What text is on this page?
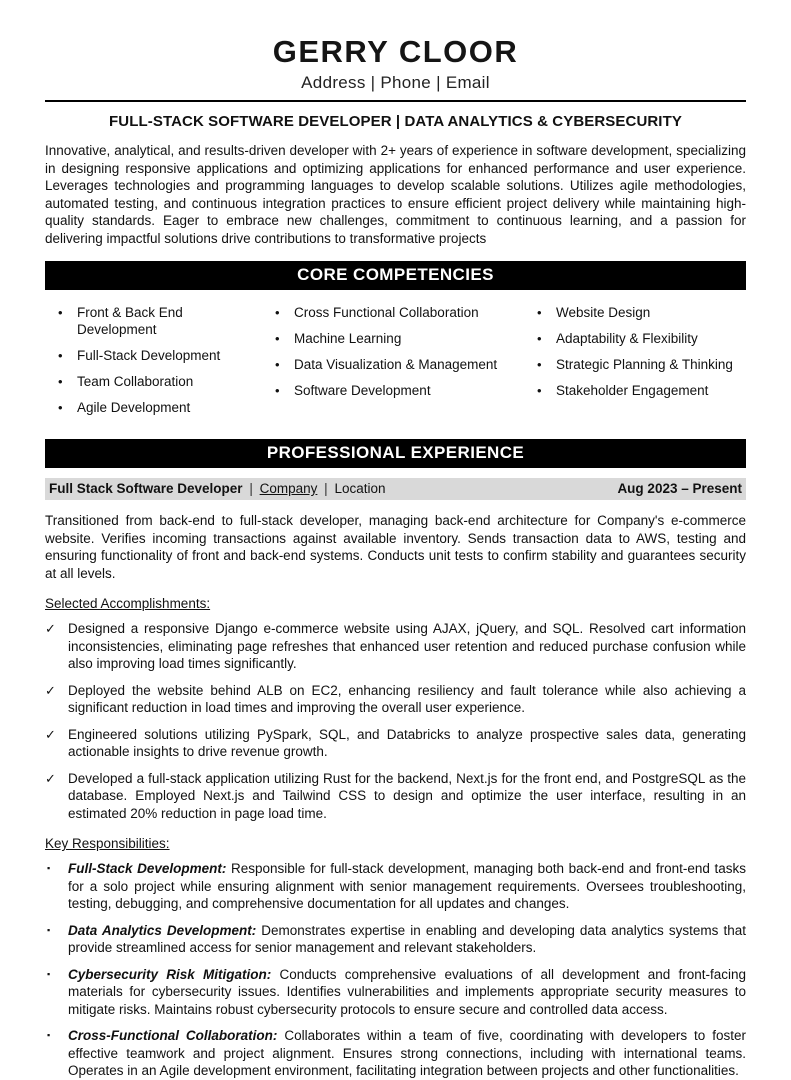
GERRY CLOOR
Address | Phone | Email
FULL-STACK SOFTWARE DEVELOPER | DATA ANALYTICS & CYBERSECURITY

Innovative, analytical, and results-driven developer with 2+ years of experience in software development, specializing in designing responsive applications and optimizing applications for enhanced performance and user experience. Leverages technologies and programming languages to develop scalable solutions. Utilizes agile methodologies, automated testing, and continuous integration practices to ensure efficient project delivery while maintaining high-quality standards. Eager to embrace new challenges, commitment to continuous learning, and a passion for delivering impactful solutions drive contributions to transformative projects

CORE COMPETENCIES
•	Front & Back End Development
•	Full-Stack Development
•	Team Collaboration
•	Agile Development
•	Cross Functional Collaboration
•	Machine Learning
•	Data Visualization & Management
•	Software Development
•	Website Design
•	Adaptability & Flexibility
•	Strategic Planning & Thinking
•	Stakeholder Engagement
PROFESSIONAL EXPERIENCE
Full Stack Software Developer | Company | Location	Aug 2023 – Present

Transitioned from back-end to full-stack developer, managing back-end architecture for Company's e-commerce website. Verifies incoming transactions against available inventory. Sends transaction data to AWS, testing and ensuring functionality of front and back-end systems. Conducts unit tests to confirm stability and guarantees security at all levels.

Selected Accomplishments:
✓ Designed a responsive Django e-commerce website using AJAX, jQuery, and SQL. Resolved cart information inconsistencies, eliminating page refreshes that enhanced user retention and reduced purchase confusion while also improving load times significantly.
✓ Deployed the website behind ALB on EC2, enhancing resiliency and fault tolerance while also achieving a significant reduction in load times and improving the overall user experience.
✓ Engineered solutions utilizing PySpark, SQL, and Databricks to analyze prospective sales data, generating actionable insights to drive revenue growth.
✓ Developed a full-stack application utilizing Rust for the backend, Next.js for the front end, and PostgreSQL as the database. Employed Next.js and Tailwind CSS to design and optimize the user interface, resulting in an estimated 20% reduction in page load time.
Key Responsibilities:
▪	Full-Stack Development: Responsible for full-stack development, managing both back-end and front-end tasks for a solo project while ensuring alignment with senior management requirements. Oversees troubleshooting, testing, debugging, and comprehensive documentation for all updates and changes.
▪	Data Analytics Development: Demonstrates expertise in enabling and developing data analytics systems that provide streamlined access for senior management and relevant stakeholders.
▪	Cybersecurity Risk Mitigation: Conducts comprehensive evaluations of all development and front-facing materials for cybersecurity issues. Identifies vulnerabilities and implements appropriate security measures to mitigate risks. Maintains robust cybersecurity protocols to ensure secure and controlled data access.
▪	Cross-Functional Collaboration: Collaborates within a team of five, coordinating with developers to foster effective teamwork and project alignment. Ensures strong connections, including with international teams. Operates in an Agile development environment, facilitating integration between projects and other functionalities.
